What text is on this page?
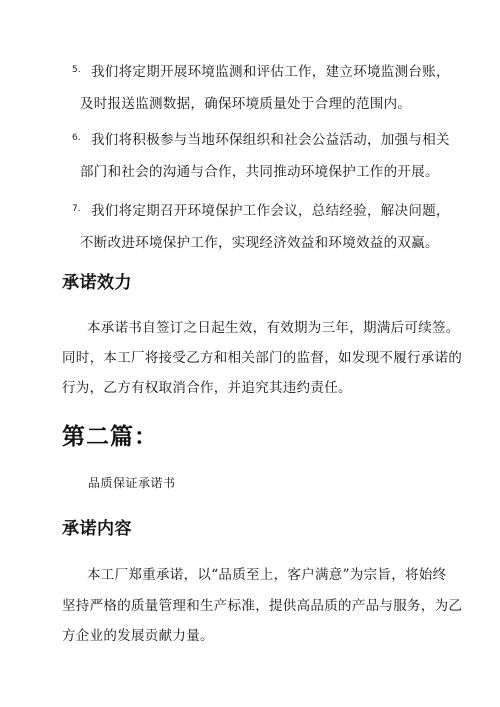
5. 我们将定期开展环境监测和评估工作，建立环境监测台账，
及时报送监测数据，确保环境质量处于合理的范围内。
6. 我们将积极参与当地环保组织和社会公益活动，加强与相关
部门和社会的沟通与合作，共同推动环境保护工作的开展。
7. 我们将定期召开环境保护工作会议，总结经验，解决问题，
不断改进环境保护工作，实现经济效益和环境效益的双赢。
承诺效力
本承诺书自签订之日起生效，有效期为三年，期满后可续签。
同时，本工厂将接受乙方和相关部门的监督，如发现不履行承诺的
行为，乙方有权取消合作，并追究其违约责任。
第二篇：
品质保证承诺书
承诺内容
本工厂郑重承诺，以“品质至上，客户满意”为宗旨，将始终
坚持严格的质量管理和生产标准，提供高品质的产品与服务，为乙
方企业的发展贡献力量。
